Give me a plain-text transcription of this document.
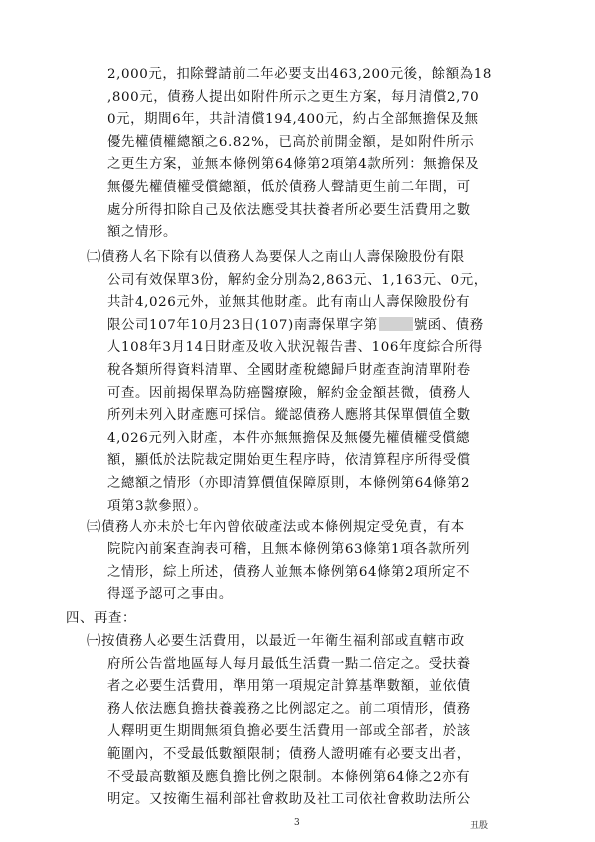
2,000元，扣除聲請前二年必要支出463,200元後，餘額為18
,800元，債務人提出如附件所示之更生方案，每月清償2,70
0元，期間6年，共計清償194,400元，約占全部無擔保及無
優先權債權總額之6.82%，已高於前開金額，是如附件所示
之更生方案，並無本條例第64條第2項第4款所列：無擔保及
無優先權債權受償總額，低於債務人聲請更生前二年間，可
處分所得扣除自己及依法應受其扶養者所必要生活費用之數
額之情形。
㈡債務人名下除有以債務人為要保人之南山人壽保險股份有限
公司有效保單3份，解約金分別為2,863元、1,163元、0元，
共計4,026元外，並無其他財產。此有南山人壽保險股份有
限公司107年10月23日(107)南壽保單字第	號函、債務
人108年3月14日財產及收入狀況報告書、106年度綜合所得
稅各類所得資料清單、全國財產稅總歸戶財產查詢清單附卷
可查。因前揭保單為防癌醫療險，解約金金額甚微，債務人
所列未列入財產應可採信。縱認債務人應將其保單價值全數
4,026元列入財產，本件亦無無擔保及無優先權債權受償總
額，顯低於法院裁定開始更生程序時，依清算程序所得受償
之總額之情形（亦即清算價值保障原則，本條例第64條第2
項第3款參照）。
㈢債務人亦未於七年內曾依破產法或本條例規定受免責，有本
院院內前案查詢表可稽，且無本條例第63條第1項各款所列
之情形，綜上所述，債務人並無本條例第64條第2項所定不
得逕予認可之事由。
四、再查：
㈠按債務人必要生活費用，以最近一年衛生福利部或直轄市政
府所公告當地區每人每月最低生活費一點二倍定之。受扶養
者之必要生活費用，準用第一項規定計算基準數額，並依債
務人依法應負擔扶養義務之比例認定之。前二項情形，債務
人釋明更生期間無須負擔必要生活費用一部或全部者，於該
範圍內，不受最低數額限制；債務人證明確有必要支出者，
不受最高數額及應負擔比例之限制。本條例第64條之2亦有
明定。又按衛生福利部社會救助及社工司依社會救助法所公
3	丑股
